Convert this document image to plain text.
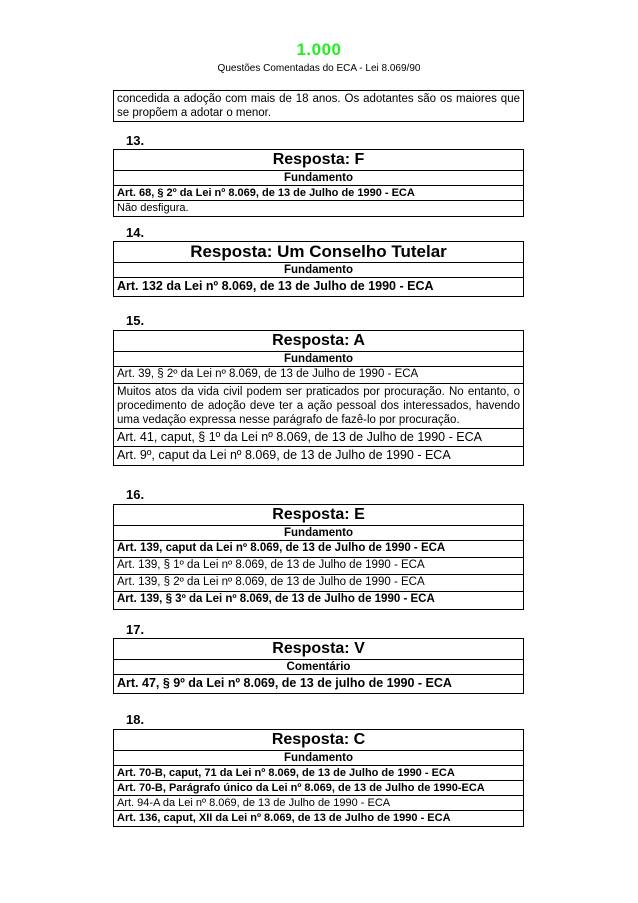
1.000
Questões Comentadas do ECA - Lei 8.069/90
concedida a adoção com mais de 18 anos. Os adotantes são os maiores que se propõem a adotar o menor.
13.
Resposta: F
Fundamento
Art. 68, § 2º da Lei nº 8.069, de 13 de Julho de 1990 - ECA
Não desfigura.
14.
Resposta: Um Conselho Tutelar
Fundamento
Art. 132 da Lei nº 8.069, de 13 de Julho de 1990 - ECA
15.
Resposta: A
Fundamento
Art. 39, § 2º da Lei nº 8.069, de 13 de Julho de 1990 - ECA
Muitos atos da vida civil podem ser praticados por procuração. No entanto, o procedimento de adoção deve ter a ação pessoal dos interessados, havendo uma vedação expressa nesse parágrafo de fazê-lo por procuração.
Art. 41, caput, § 1º da Lei nº 8.069, de 13 de Julho de 1990 - ECA
Art. 9º, caput da Lei nº 8.069, de 13 de Julho de 1990 - ECA
16.
Resposta: E
Fundamento
Art. 139, caput da Lei nº 8.069, de 13 de Julho de 1990 - ECA
Art. 139, § 1º da Lei nº 8.069, de 13 de Julho de 1990 - ECA
Art. 139, § 2º da Lei nº 8.069, de 13 de Julho de 1990 - ECA
Art. 139, § 3º da Lei nº 8.069, de 13 de Julho de 1990 - ECA
17.
Resposta: V
Comentário
Art. 47, § 9º da Lei nº 8.069, de 13 de julho de 1990 - ECA
18.
Resposta: C
Fundamento
Art. 70-B, caput, 71 da Lei nº 8.069, de 13 de Julho de 1990 - ECA
Art. 70-B, Parágrafo único da Lei nº 8.069, de 13 de Julho de 1990-ECA
Art. 94-A da Lei nº 8.069, de 13 de Julho de 1990 - ECA
Art. 136, caput, XII da Lei nº 8.069, de 13 de Julho de 1990 - ECA
